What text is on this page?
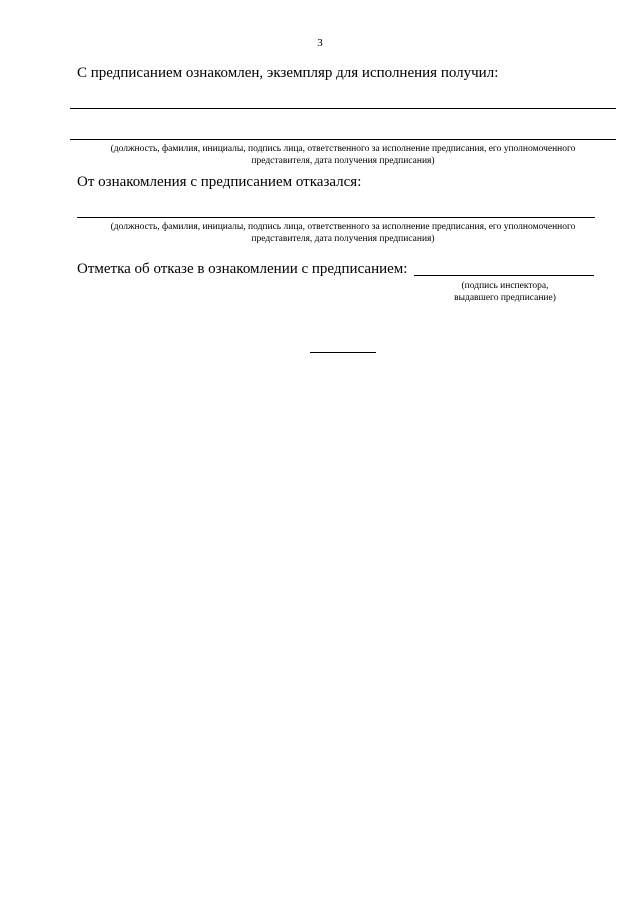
3
С предписанием ознакомлен, экземпляр для исполнения получил:
(должность, фамилия, инициалы, подпись лица, ответственного за исполнение предписания, его уполномоченного
представителя, дата получения предписания)
От ознакомления с предписанием отказался:
(должность, фамилия, инициалы, подпись лица, ответственного за исполнение предписания, его уполномоченного
представителя, дата получения предписания)
Отметка об отказе в ознакомлении с предписанием:
(подпись инспектора,
выдавшего предписание)
